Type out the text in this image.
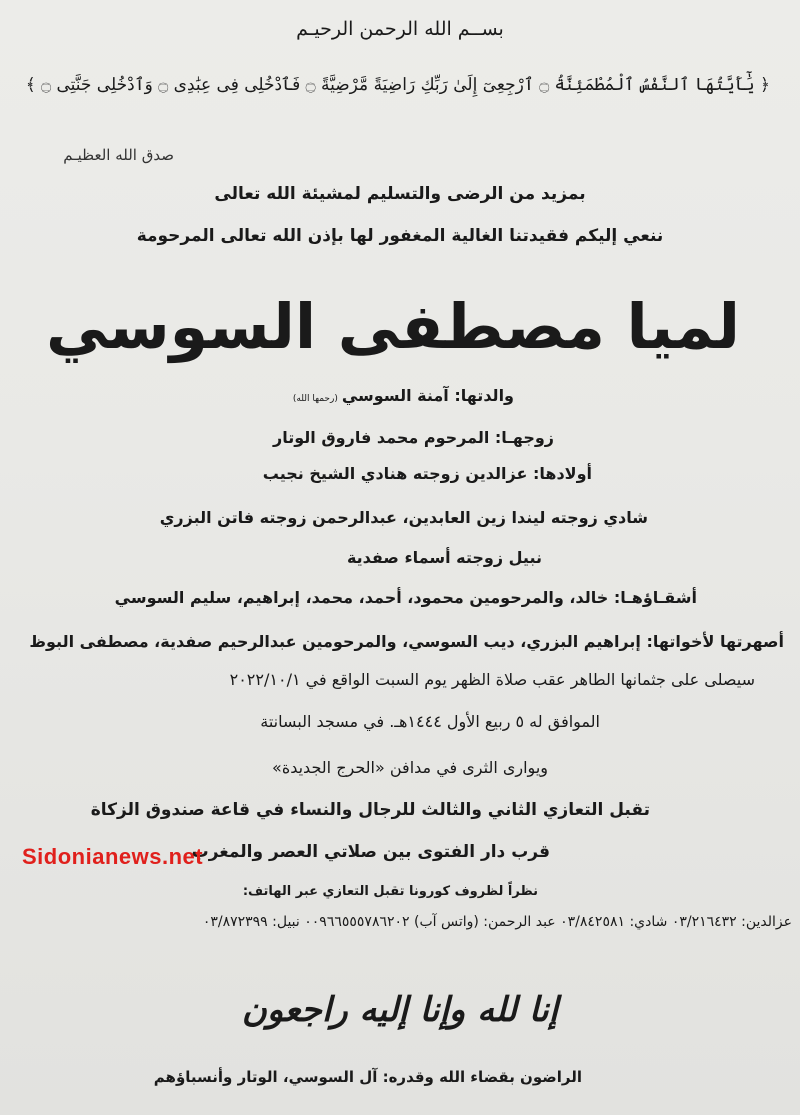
بســم الله الرحمن الرحيـم
﴿ يَٰٓأَيَّتُهَا ٱلنَّفْسُ ٱلْمُطْمَئِنَّةُ ۝ ٱرْجِعِىٓ إِلَىٰ رَبِّكِ رَاضِيَةً مَّرْضِيَّةً ۝ فَٱدْخُلِى فِى عِبَٰدِى ۝ وَٱدْخُلِى جَنَّتِى ۝ ﴾
صدق الله العظيـم
بمزيد من الرضى والتسليم لمشيئة الله تعالى
ننعي إليكم فقيدتنا الغالية المغفور لها بإذن الله تعالى المرحومة
لميا مصطفى السوسي
والدتها: آمنة السوسي(رحمها الله)
زوجهـا: المرحوم محمد فاروق الوتار
أولادها: عزالدين زوجته هنادي الشيخ نجيب
شادي زوجته ليندا زين العابدين، عبدالرحمن زوجته فاتن البزري
نبيل زوجته أسماء صفدية
أشقـاؤهـا: خالد، والمرحومين محمود، أحمد، محمد، إبراهيم، سليم السوسي
أصهرتها لأخواتها: إبراهيم البزري، ديب السوسي، والمرحومين عبدالرحيم صفدية، مصطفى البوظ
سيصلى على جثمانها الطاهر عقب صلاة الظهر يوم السبت الواقع في ٢٠٢٢/١٠/١
الموافق له ٥ ربيع الأول ١٤٤٤هـ. في مسجد البسانتة
ويوارى الثرى في مدافن «الحرج الجديدة»
تقبل التعازي الثاني والثالث للرجال والنساء في قاعة صندوق الزكاة
قرب دار الفتوى بين صلاتي العصر والمغرب
Sidonianews.net
نظراً لظروف كورونا تقبل التعازي عبر الهاتف:
عزالدين: ٠٣/٢١٦٤٣٢ شادي: ٠٣/٨٤٢٥٨١ عبد الرحمن: (واتس آب) ٠٠٩٦٦٥٥٥٧٨٦٢٠٢ نبيل: ٠٣/٨٧٢٣٩٩
إنا لله وإنا إليه راجعون
الراضون بقضاء الله وقدره: آل السوسي، الوتار وأنسباؤهم
